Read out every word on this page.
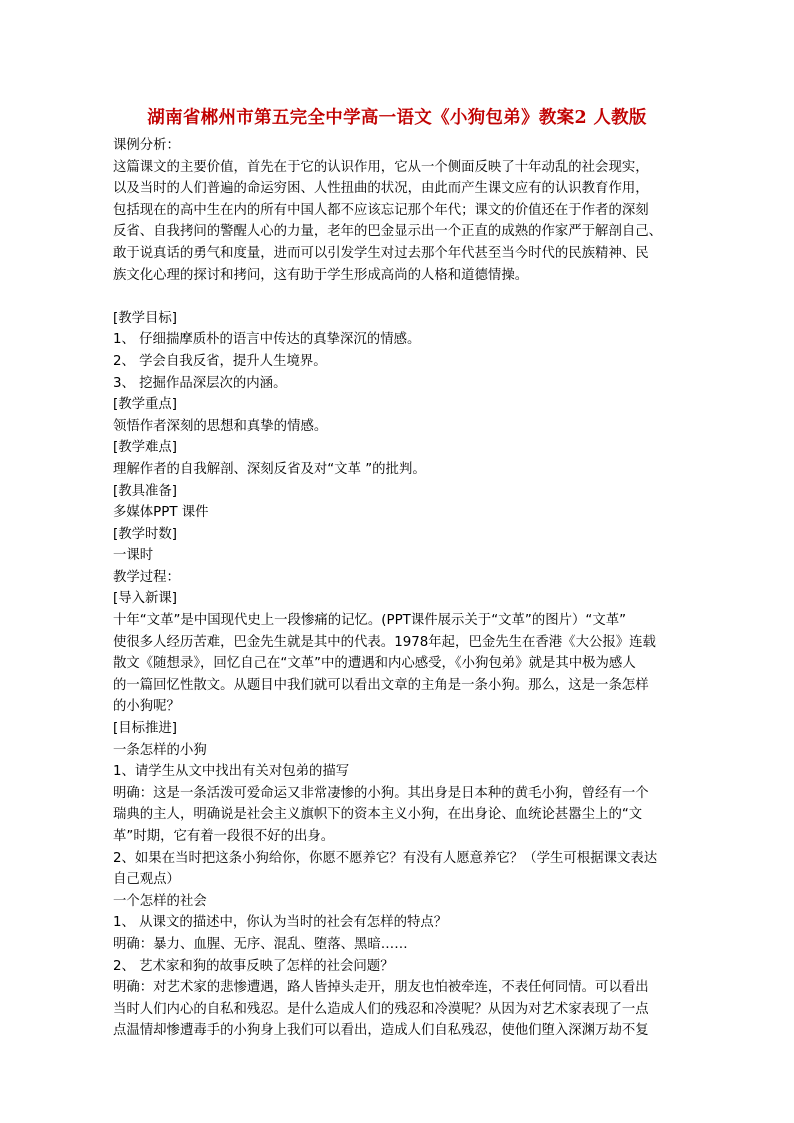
湖南省郴州市第五完全中学高一语文《小狗包弟》教案2 人教版

课例分析：

这篇课文的主要价值，首先在于它的认识作用，它从一个侧面反映了十年动乱的社会现实，

以及当时的人们普遍的命运穷困、人性扭曲的状况，由此而产生课文应有的认识教育作用，

包括现在的高中生在内的所有中国人都不应该忘记那个年代；课文的价值还在于作者的深刻

反省、自我拷问的警醒人心的力量，老年的巴金显示出一个正直的成熟的作家严于解剖自己、

敢于说真话的勇气和度量，进而可以引发学生对过去那个年代甚至当今时代的民族精神、民

族文化心理的探讨和拷问，这有助于学生形成高尚的人格和道德情操。

[教学目标]

1、 仔细揣摩质朴的语言中传达的真挚深沉的情感。

2、 学会自我反省，提升人生境界。

3、 挖掘作品深层次的内涵。

[教学重点]

领悟作者深刻的思想和真挚的情感。

[教学难点]

理解作者的自我解剖、深刻反省及对“文革 ”的批判。

[教具准备]

多媒体PPT 课件

[教学时数]

一课时

教学过程：

[导入新课]

十年“文革”是中国现代史上一段惨痛的记忆。(PPT课件展示关于“文革”的图片）“文革”

使很多人经历苦难，巴金先生就是其中的代表。1978年起，巴金先生在香港《大公报》连载

散文《随想录》，回忆自己在“文革”中的遭遇和内心感受，《小狗包弟》就是其中极为感人

的一篇回忆性散文。从题目中我们就可以看出文章的主角是一条小狗。那么，这是一条怎样

的小狗呢？

[目标推进]

一条怎样的小狗

1、请学生从文中找出有关对包弟的描写

明确：这是一条活泼可爱命运又非常凄惨的小狗。其出身是日本种的黄毛小狗，曾经有一个

瑞典的主人，明确说是社会主义旗帜下的资本主义小狗，在出身论、血统论甚嚣尘上的“文

革”时期，它有着一段很不好的出身。

2、如果在当时把这条小狗给你，你愿不愿养它？有没有人愿意养它？（学生可根据课文表达

自己观点）

一个怎样的社会

1、 从课文的描述中，你认为当时的社会有怎样的特点？

明确：暴力、血腥、无序、混乱、堕落、黑暗……

2、 艺术家和狗的故事反映了怎样的社会问题？

明确：对艺术家的悲惨遭遇，路人皆掉头走开，朋友也怕被牵连，不表任何同情。可以看出

当时人们内心的自私和残忍。是什么造成人们的残忍和冷漠呢？从因为对艺术家表现了一点

点温情却惨遭毒手的小狗身上我们可以看出，造成人们自私残忍，使他们堕入深渊万劫不复
